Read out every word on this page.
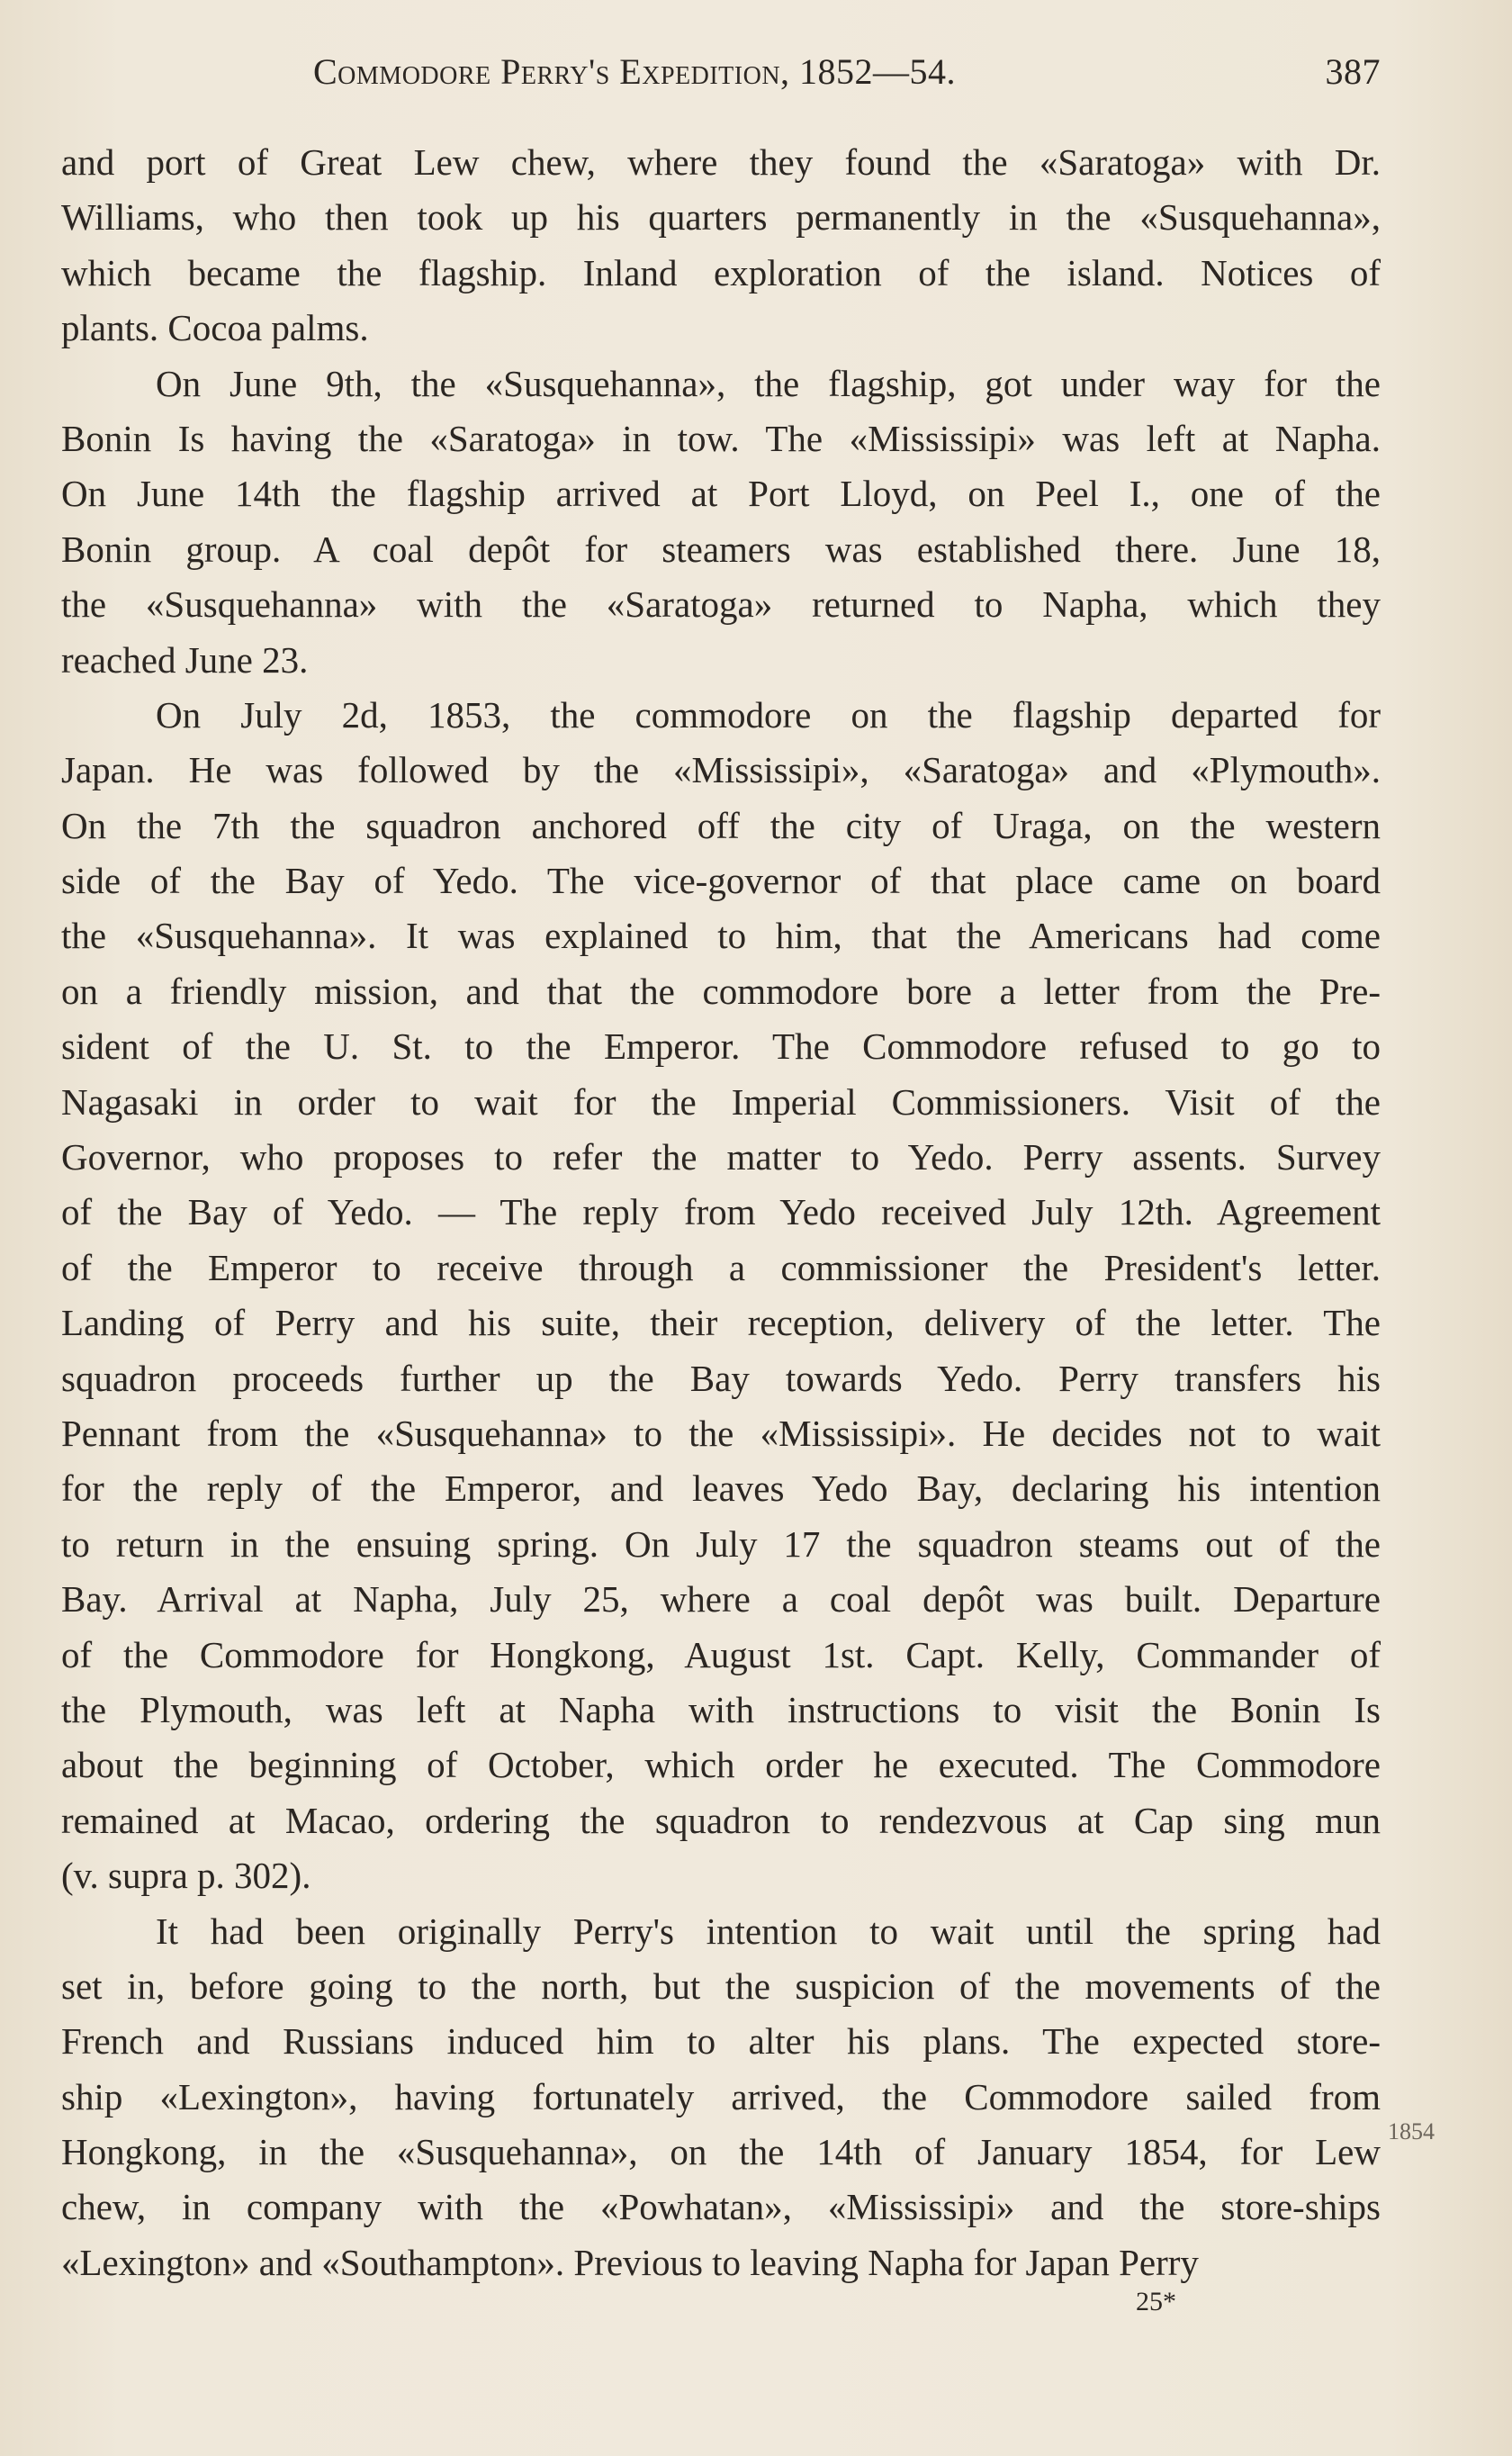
Commodore Perry's Expedition, 1852—54.	387
and port of Great Lew chew, where they found the «Saratoga» with Dr.
Williams, who then took up his quarters permanently in the «Susquehanna»,
which became the flagship. Inland exploration of the island. Notices of
plants. Cocoa palms.
On June 9th, the «Susquehanna», the flagship, got under way for the
Bonin Is having the «Saratoga» in tow. The «Mississipi» was left at Napha.
On June 14th the flagship arrived at Port Lloyd, on Peel I., one of the
Bonin group. A coal depôt for steamers was established there. June 18,
the «Susquehanna» with the «Saratoga» returned to Napha, which they
reached June 23.
On July 2d, 1853, the commodore on the flagship departed for
Japan. He was followed by the «Mississipi», «Saratoga» and «Plymouth».
On the 7th the squadron anchored off the city of Uraga, on the western
side of the Bay of Yedo. The vice-governor of that place came on board
the «Susquehanna». It was explained to him, that the Americans had come
on a friendly mission, and that the commodore bore a letter from the Pre-
sident of the U. St. to the Emperor. The Commodore refused to go to
Nagasaki in order to wait for the Imperial Commissioners. Visit of the
Governor, who proposes to refer the matter to Yedo. Perry assents. Survey
of the Bay of Yedo. — The reply from Yedo received July 12th. Agreement
of the Emperor to receive through a commissioner the President's letter.
Landing of Perry and his suite, their reception, delivery of the letter. The
squadron proceeds further up the Bay towards Yedo. Perry transfers his
Pennant from the «Susquehanna» to the «Mississipi». He decides not to wait
for the reply of the Emperor, and leaves Yedo Bay, declaring his intention
to return in the ensuing spring. On July 17 the squadron steams out of the
Bay. Arrival at Napha, July 25, where a coal depôt was built. Departure
of the Commodore for Hongkong, August 1st. Capt. Kelly, Commander of
the Plymouth, was left at Napha with instructions to visit the Bonin Is
about the beginning of October, which order he executed. The Commodore
remained at Macao, ordering the squadron to rendezvous at Cap sing mun
(v. supra p. 302).
It had been originally Perry's intention to wait until the spring had
set in, before going to the north, but the suspicion of the movements of the
French and Russians induced him to alter his plans. The expected store-
ship «Lexington», having fortunately arrived, the Commodore sailed from
Hongkong, in the «Susquehanna», on the 14th of January 1854, for Lew
chew, in company with the «Powhatan», «Mississipi» and the store-ships
«Lexington» and «Southampton». Previous to leaving Napha for Japan Perry
1854
25*
